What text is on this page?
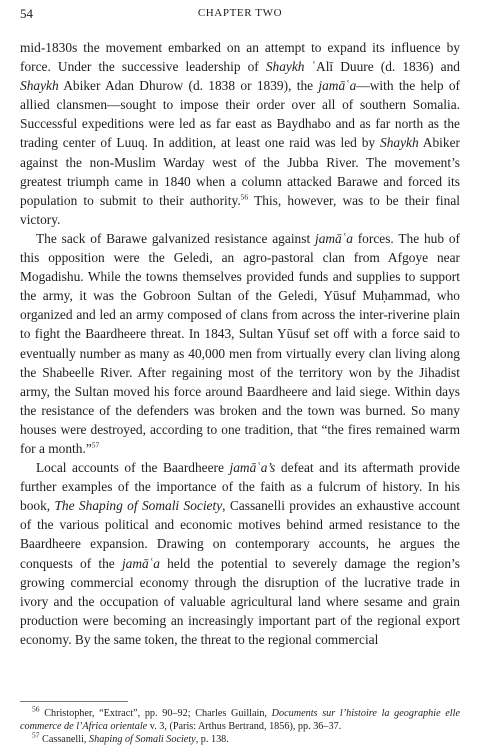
54	CHAPTER TWO

mid-1830s the movement embarked on an attempt to expand its influence by force. Under the successive leadership of Shaykh ʿAlī Duure (d. 1836) and Shaykh Abiker Adan Dhurow (d. 1838 or 1839), the jamāʿa—with the help of allied clansmen—sought to impose their order over all of southern Somalia. Successful expeditions were led as far east as Baydhabo and as far north as the trading center of Luuq. In addition, at least one raid was led by Shaykh Abiker against the non-Muslim Warday west of the Jubba River. The movement’s greatest triumph came in 1840 when a column attacked Barawe and forced its population to submit to their authority.$^{56}$ This, however, was to be their final victory.

The sack of Barawe galvanized resistance against jamāʿa forces. The hub of this opposition were the Geledi, an agro-pastoral clan from Afgoye near Mogadishu. While the towns themselves provided funds and supplies to support the army, it was the Gobroon Sultan of the Geledi, Yūsuf Muḥammad, who organized and led an army composed of clans from across the inter-riverine plain to fight the Baardheere threat. In 1843, Sultan Yūsuf set off with a force said to eventually number as many as 40,000 men from virtually every clan living along the Shabeelle River. After regaining most of the territory won by the Jihadist army, the Sultan moved his force around Baardheere and laid siege. Within days the resistance of the defenders was broken and the town was burned. So many houses were destroyed, according to one tradition, that “the fires remained warm for a month.”$^{57}$

Local accounts of the Baardheere jamāʿa’s defeat and its aftermath provide further examples of the importance of the faith as a fulcrum of history. In his book, The Shaping of Somali Society, Cassanelli provides an exhaustive account of the various political and economic motives behind armed resistance to the Baardheere expansion. Drawing on contemporary accounts, he argues the conquests of the jamāʿa held the potential to severely damage the region’s growing commercial economy through the disruption of the lucrative trade in ivory and the occupation of valuable agricultural land where sesame and grain production were becoming an increasingly important part of the regional export economy. By the same token, the threat to the regional commercial

$^{56}$ Christopher, “Extract”, pp. 90–92; Charles Guillain, Documents sur l’histoire la geographie elle commerce de l’Africa orientale v. 3, (Paris: Arthus Bertrand, 1856), pp. 36–37.

$^{57}$ Cassanelli, Shaping of Somali Society, p. 138.
